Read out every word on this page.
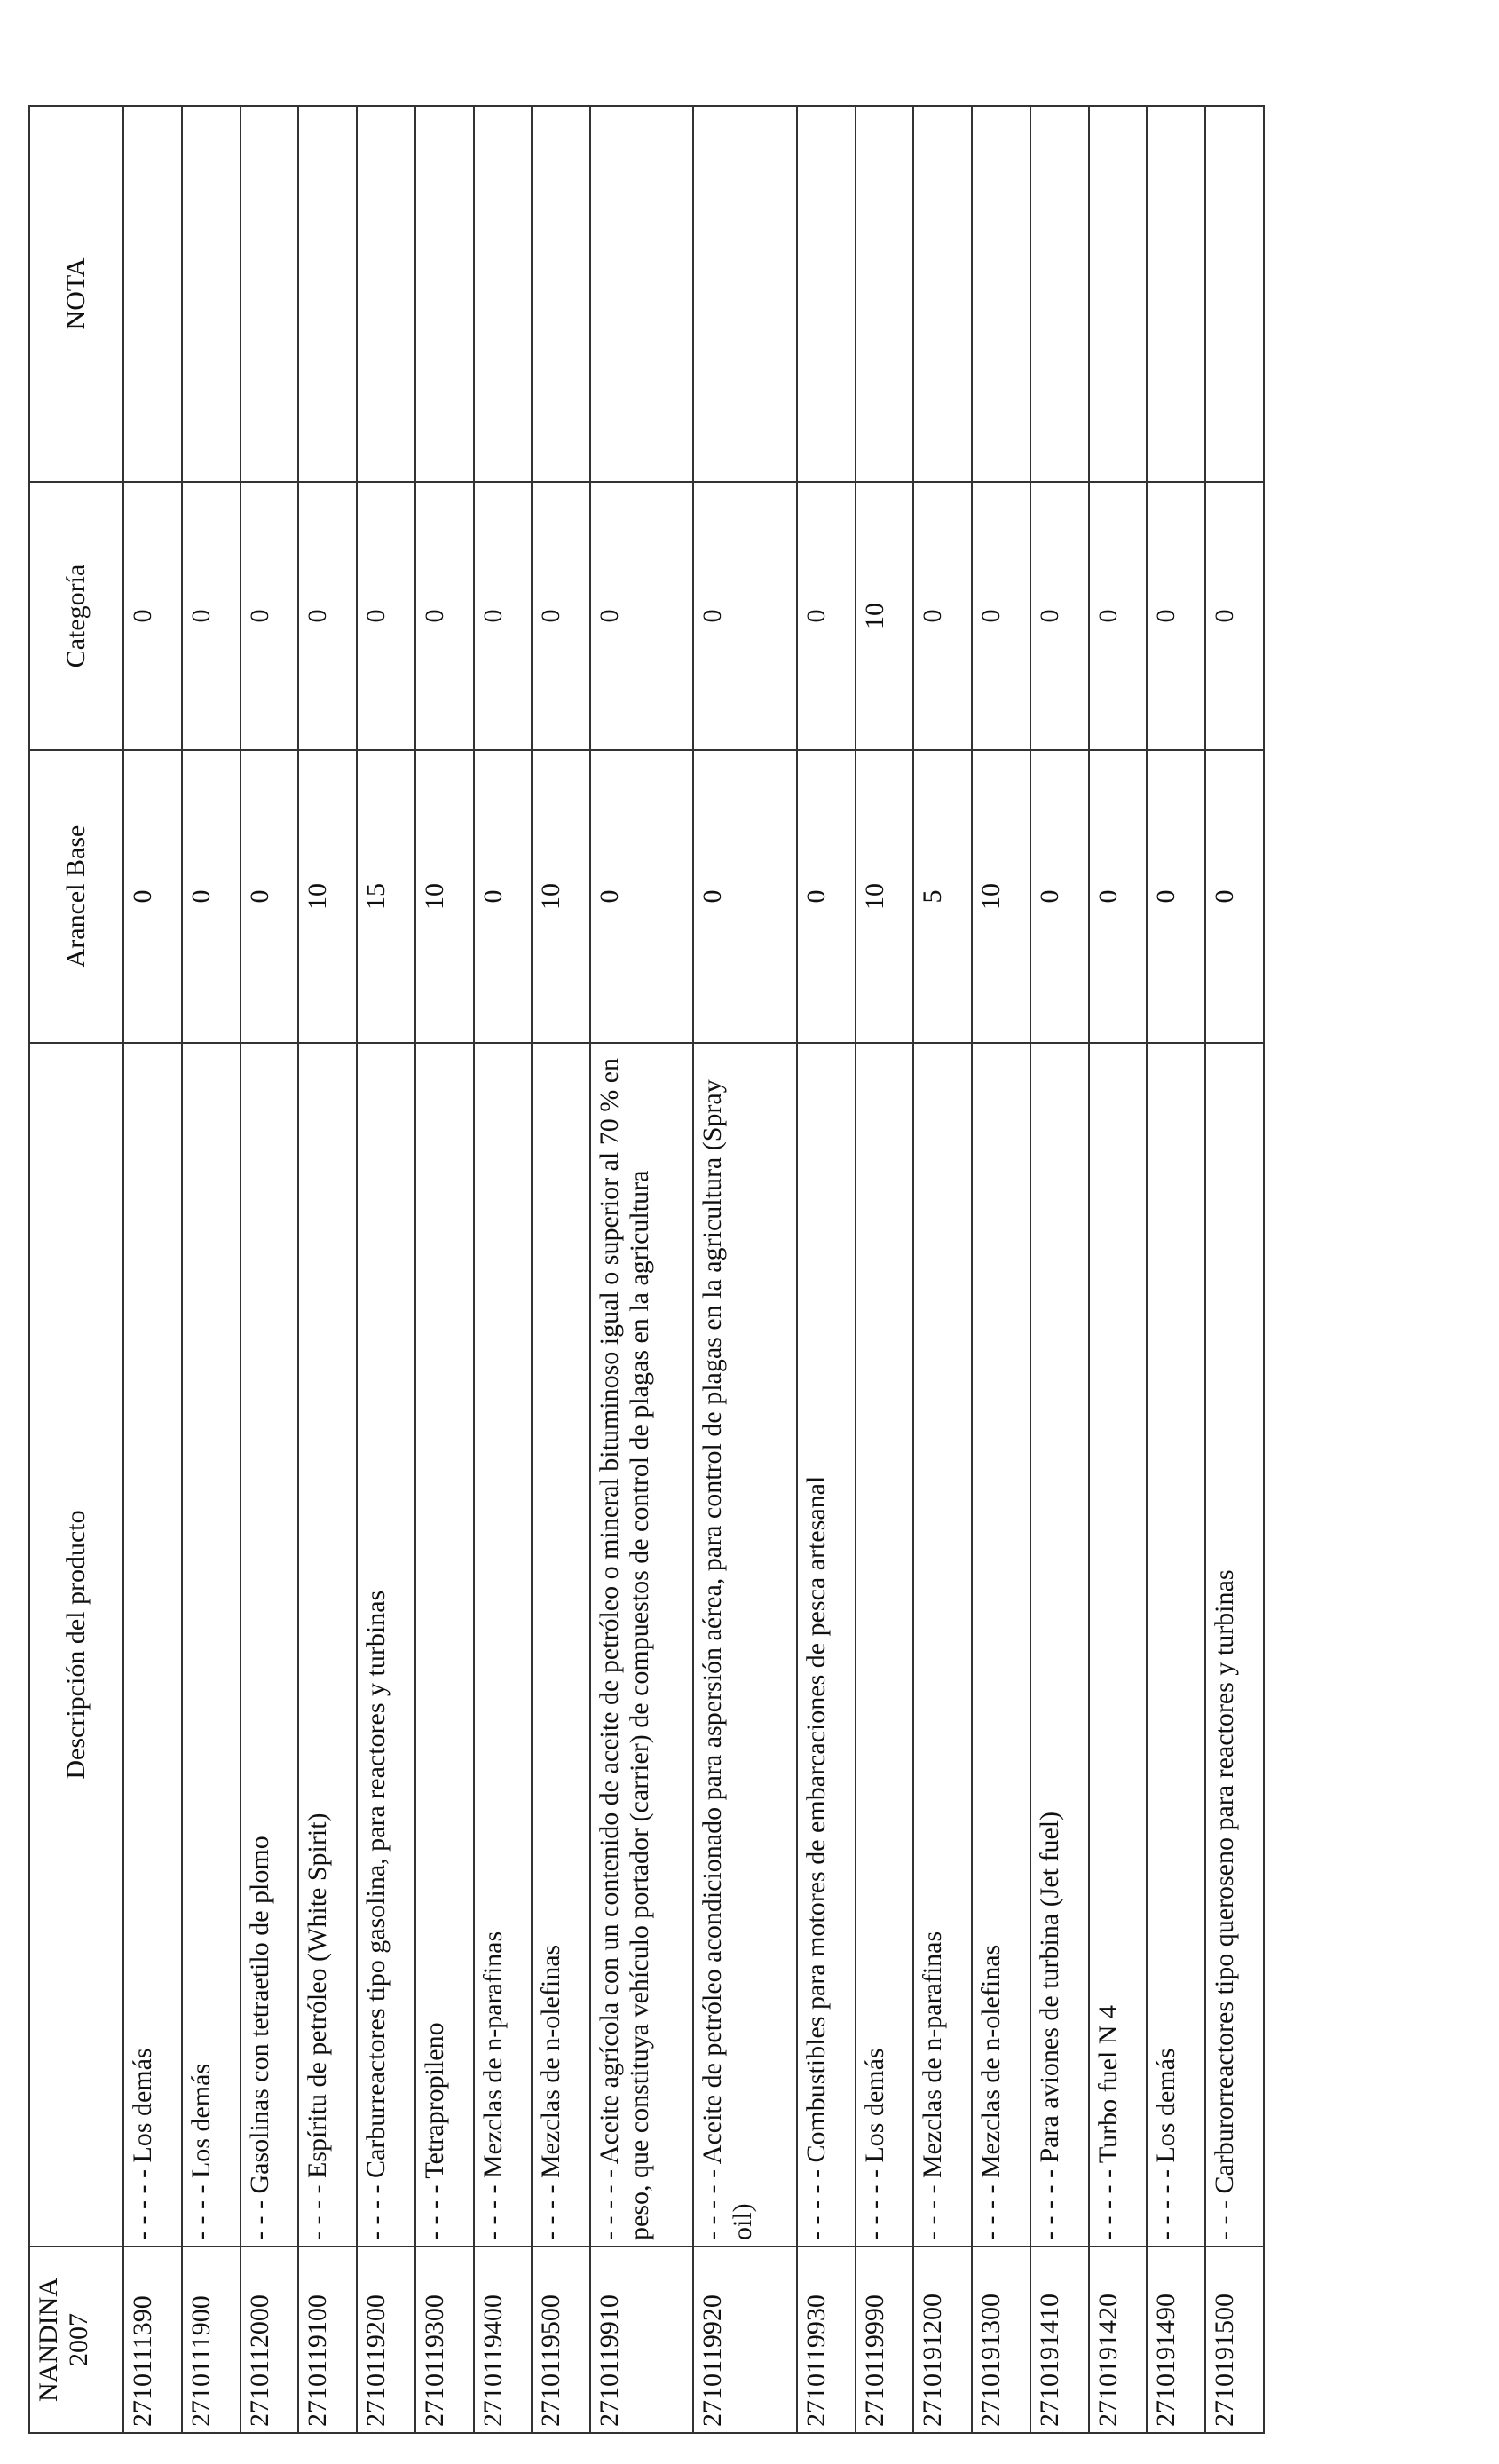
NANDINA 2007	Descripción del producto	Arancel Base	Categoría	NOTA
2710111390	- - - - - Los demás	0	0	
2710111900	- - - - Los demás	0	0	
2710112000	- - - Gasolinas con tetraetilo de plomo	0	0	
2710119100	- - - - Espíritu de petróleo (White Spirit)	10	0	
2710119200	- - - - Carburreactores tipo gasolina, para reactores y turbinas	15	0	
2710119300	- - - - Tetrapropileno	10	0	
2710119400	- - - - Mezclas de n-parafinas	0	0	
2710119500	- - - - Mezclas de n-olefinas	10	0	
2710119910	- - - - - Aceite agrícola con un contenido de aceite de petróleo o mineral bituminoso igual o superior al 70 % en peso, que constituya vehículo portador (carrier) de compuestos de control de plagas en la agricultura	0	0	
2710119920	- - - - - Aceite de petróleo acondicionado para aspersión aérea, para control de plagas en la agricultura (Spray oil)	0	0	
2710119930	- - - - - Combustibles para motores de embarcaciones de pesca artesanal	0	0	
2710119990	- - - - - Los demás	10	10	
2710191200	- - - - Mezclas de n-parafinas	5	0	
2710191300	- - - - Mezclas de n-olefinas	10	0	
2710191410	- - - - - Para aviones de turbina (Jet fuel)	0	0	
2710191420	- - - - - Turbo fuel N 4	0	0	
2710191490	- - - - - Los demás	0	0	
2710191500	- - - Carburorreactores tipo queroseno para reactores y turbinas	0	0	
